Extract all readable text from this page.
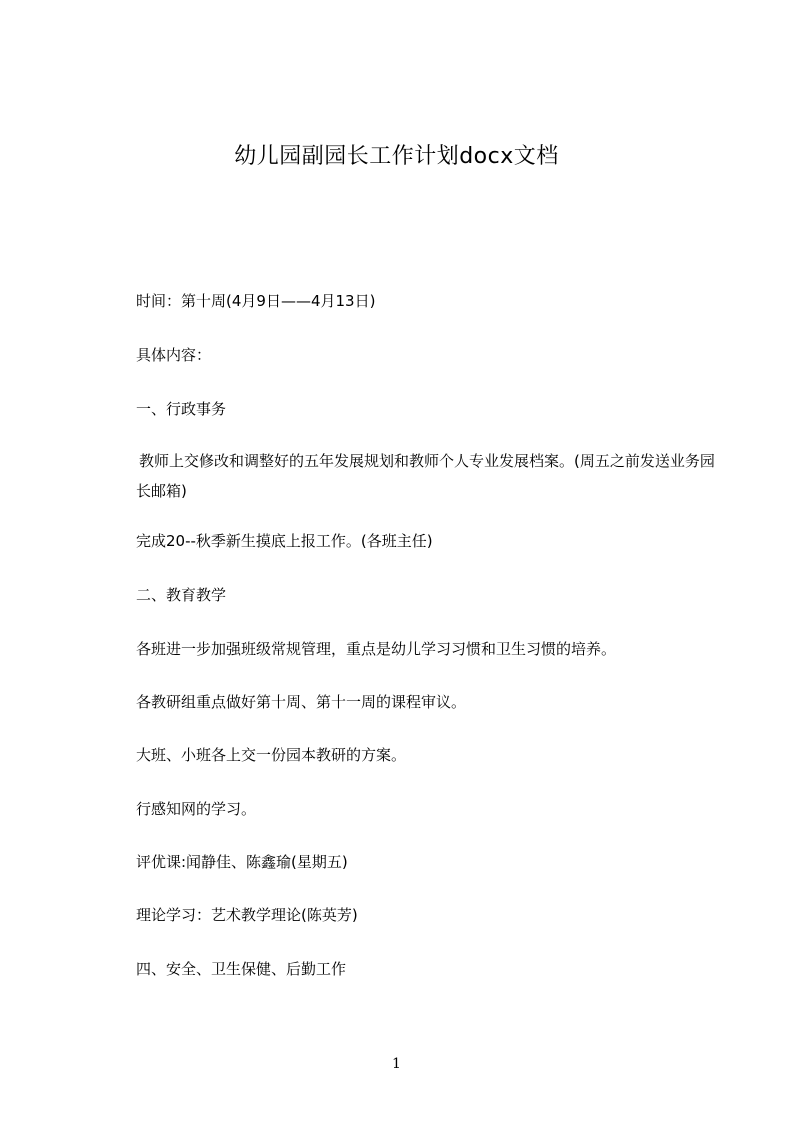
幼儿园副园长工作计划docx文档

时间：第十周(4月9日——4月13日)

具体内容：

一、行政事务

教师上交修改和调整好的五年发展规划和教师个人专业发展档案。(周五之前发送业务园长邮箱)

完成20--秋季新生摸底上报工作。(各班主任)

二、教育教学

各班进一步加强班级常规管理，重点是幼儿学习习惯和卫生习惯的培养。

各教研组重点做好第十周、第十一周的课程审议。

大班、小班各上交一份园本教研的方案。

行感知网的学习。

评优课:闻静佳、陈鑫瑜(星期五)

理论学习：艺术教学理论(陈英芳)

四、安全、卫生保健、后勤工作

1
